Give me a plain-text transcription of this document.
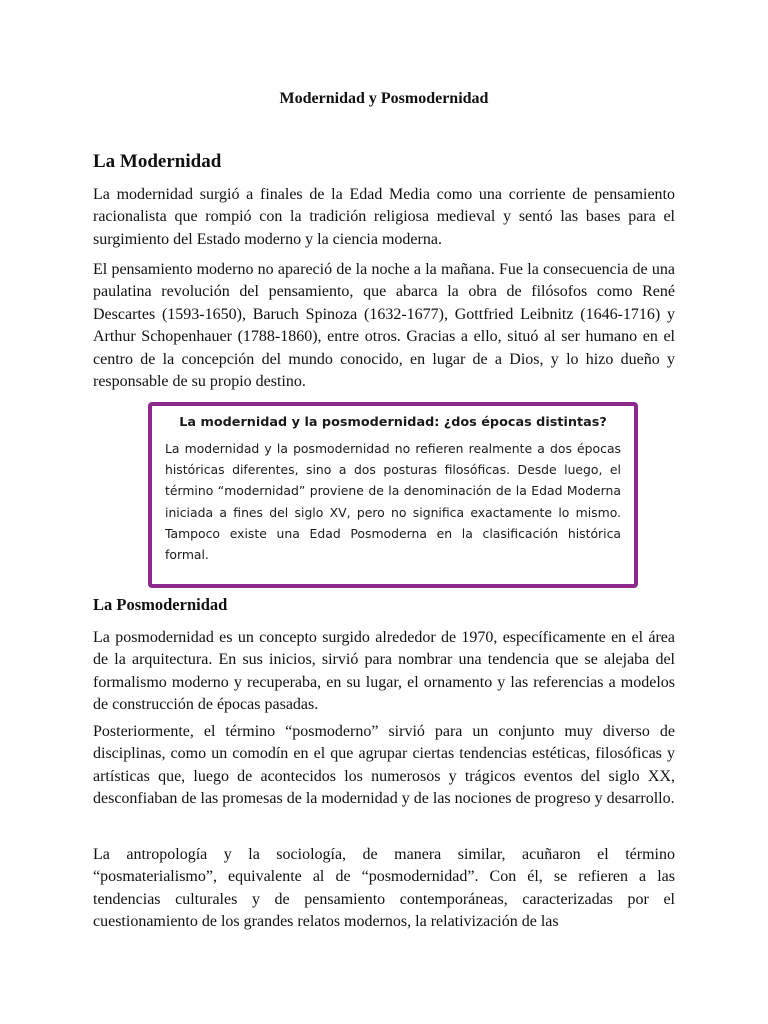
Modernidad y Posmodernidad
La Modernidad

La modernidad surgió a finales de la Edad Media como una corriente de pensamiento racionalista que rompió con la tradición religiosa medieval y sentó las bases para el surgimiento del Estado moderno y la ciencia moderna.

El pensamiento moderno no apareció de la noche a la mañana. Fue la consecuencia de una paulatina revolución del pensamiento, que abarca la obra de filósofos como René Descartes (1593-1650), Baruch Spinoza (1632-1677), Gottfried Leibnitz (1646-1716) y Arthur Schopenhauer (1788-1860), entre otros. Gracias a ello, situó al ser humano en el centro de la concepción del mundo conocido, en lugar de a Dios, y lo hizo dueño y responsable de su propio destino.

La modernidad y la posmodernidad: ¿dos épocas distintas?

La modernidad y la posmodernidad no refieren realmente a dos épocas históricas diferentes, sino a dos posturas filosóficas. Desde luego, el término “modernidad” proviene de la denominación de la Edad Moderna iniciada a fines del siglo XV, pero no significa exactamente lo mismo. Tampoco existe una Edad Posmoderna en la clasificación histórica formal.

La Posmodernidad

La posmodernidad es un concepto surgido alrededor de 1970, específicamente en el área de la arquitectura. En sus inicios, sirvió para nombrar una tendencia que se alejaba del formalismo moderno y recuperaba, en su lugar, el ornamento y las referencias a modelos de construcción de épocas pasadas.

Posteriormente, el término “posmoderno” sirvió para un conjunto muy diverso de disciplinas, como un comodín en el que agrupar ciertas tendencias estéticas, filosóficas y artísticas que, luego de acontecidos los numerosos y trágicos eventos del siglo XX, desconfiaban de las promesas de la modernidad y de las nociones de progreso y desarrollo.

La antropología y la sociología, de manera similar, acuñaron el término “posmaterialismo”, equivalente al de “posmodernidad”. Con él, se refieren a las tendencias culturales y de pensamiento contemporáneas, caracterizadas por el cuestionamiento de los grandes relatos modernos, la relativización de las
